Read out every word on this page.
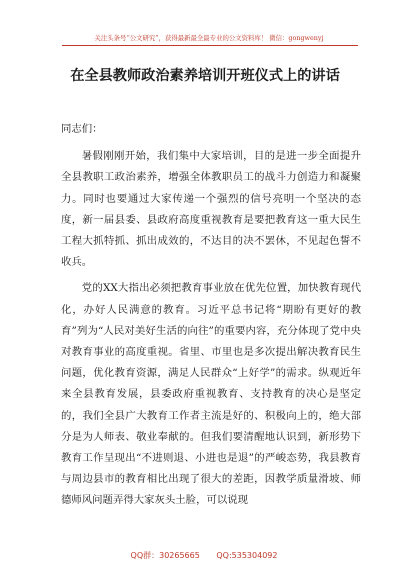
关注头条号“公文研究”，获得最新最全最专业的公文资料库！ 微信：gongwenyj
在全县教师政治素养培训开班仪式上的讲话

同志们：

暑假刚刚开始，我们集中大家培训，目的是进一步全面提升全县教职工政治素养，增强全体教职员工的战斗力创造力和凝聚力。同时也要通过大家传递一个强烈的信号亮明一个坚决的态度，新一届县委、县政府高度重视教育是要把教育这一重大民生工程大抓特抓、抓出成效的，不达目的决不罢休，不见起色誓不收兵。

党的XX大指出必须把教育事业放在优先位置，加快教育现代化，办好人民满意的教育。习近平总书记将“期盼有更好的教育”列为“人民对美好生活的向往”的重要内容，充分体现了党中央对教育事业的高度重视。省里、市里也是多次提出解决教育民生问题，优化教育资源，满足人民群众“上好学”的需求。纵观近年来全县教育发展，县委政府重视教育、支持教育的决心是坚定的，我们全县广大教育工作者主流是好的、积极向上的，绝大部分是为人师表、敬业奉献的。但我们要清醒地认识到，新形势下教育工作呈现出“不进则退、小进也是退”的严峻态势，我县教育与周边县市的教育相比出现了很大的差距，因教学质量滑坡、师德师风问题弄得大家灰头土脸，可以说现

QQ群：30265665 QQ:535304092
